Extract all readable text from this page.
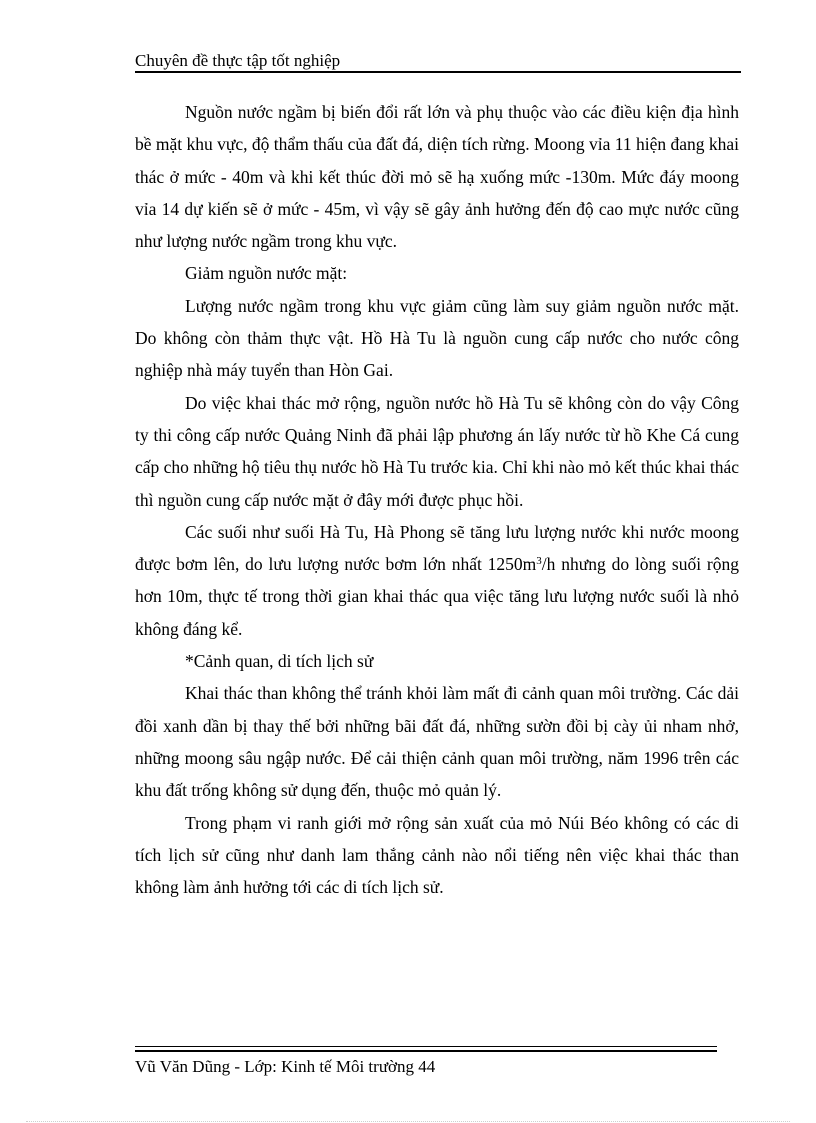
Chuyên đề thực tập tốt nghiệp

Nguồn nước ngầm bị biến đổi rất lớn và phụ thuộc vào các điều kiện địa hình bề mặt khu vực, độ thẩm thấu của đất đá, diện tích rừng. Moong vỉa 11 hiện đang khai thác ở mức - 40m và khi kết thúc đời mỏ sẽ hạ xuống mức -130m. Mức đáy moong vỉa 14 dự kiến sẽ ở mức - 45m, vì vậy sẽ gây ảnh hưởng đến độ cao mực nước cũng như lượng nước ngầm trong khu vực.

Giảm nguồn nước mặt:

Lượng nước ngầm trong khu vực giảm cũng làm suy giảm nguồn nước mặt. Do không còn thảm thực vật. Hồ Hà Tu là nguồn cung cấp nước cho nước công nghiệp nhà máy tuyển than Hòn Gai.

Do việc khai thác mở rộng, nguồn nước hồ Hà Tu sẽ không còn do vậy Công ty thi công cấp nước Quảng Ninh đã phải lập phương án lấy nước từ hồ Khe Cá cung cấp cho những hộ tiêu thụ nước hồ Hà Tu trước kia. Chỉ khi nào mỏ kết thúc khai thác thì nguồn cung cấp nước mặt ở đây mới được phục hồi.

Các suối như suối Hà Tu, Hà Phong sẽ tăng lưu lượng nước khi nước moong được bơm lên, do lưu lượng nước bơm lớn nhất $1250m^3/h$ nhưng do lòng suối rộng hơn 10m, thực tế trong thời gian khai thác qua việc tăng lưu lượng nước suối là nhỏ không đáng kể.

*Cảnh quan, di tích lịch sử

Khai thác than không thể tránh khỏi làm mất đi cảnh quan môi trường. Các dải đồi xanh dần bị thay thế bởi những bãi đất đá, những sườn đồi bị cày ủi nham nhở, những moong sâu ngập nước. Để cải thiện cảnh quan môi trường, năm 1996 trên các khu đất trống không sử dụng đến, thuộc mỏ quản lý.

Trong phạm vi ranh giới mở rộng sản xuất của mỏ Núi Béo không có các di tích lịch sử cũng như danh lam thắng cảnh nào nổi tiếng nên việc khai thác than không làm ảnh hưởng tới các di tích lịch sử.

Vũ Văn Dũng - Lớp: Kinh tế Môi trường 44
